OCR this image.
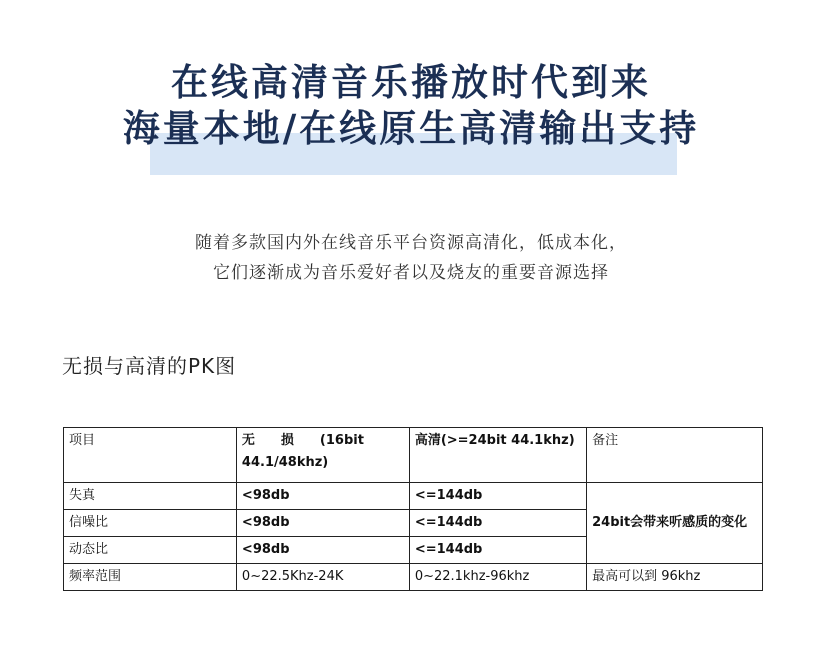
在线高清音乐播放时代到来

海量本地/在线原生高清输出支持

随着多款国内外在线音乐平台资源高清化，低成本化，
它们逐渐成为音乐爱好者以及烧友的重要音源选择
无损与高清的PK图
项目	无　　损　　(16bit 44.1/48khz)	高清(>=24bit 44.1khz)	备注
失真	<98db	<=144db	24bit会带来听感质的变化
信噪比	<98db	<=144db	
动态比	<98db	<=144db	
频率范围	0~22.5Khz-24K	0~22.1khz-96khz	最高可以到 96khz
